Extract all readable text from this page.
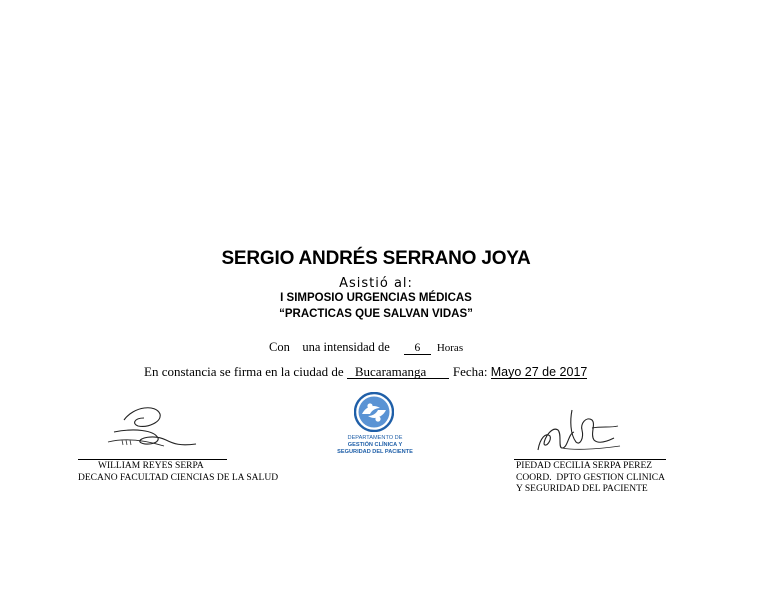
SERGIO ANDRÉS SERRANO JOYA
Asistió al:
I SIMPOSIO URGENCIAS MÉDICAS
“PRACTICAS QUE SALVAN VIDAS”
Con    una intensidad de 6 Horas
En constancia se firma en la ciudad de Bucaramanga Fecha: Mayo 27 de 2017
WILLIAM REYES SERPA
DECANO FACULTAD CIENCIAS DE LA SALUD
DEPARTAMENTO DE
GESTIÓN CLÍNICA Y
SEGURIDAD DEL PACIENTE
PIEDAD CECILIA SERPA PEREZ
COORD.  DPTO GESTION CLINICA
Y SEGURIDAD DEL PACIENTE
